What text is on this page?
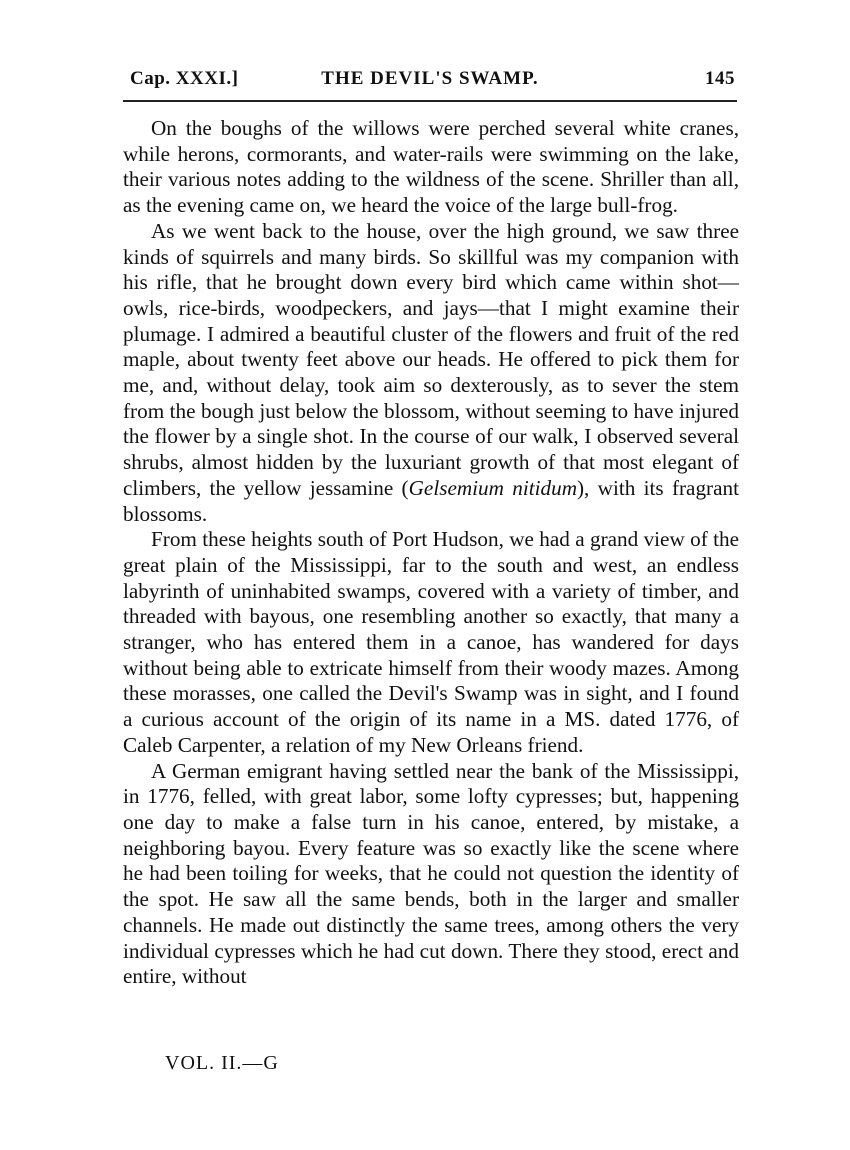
Cap. XXXI.]	THE DEVIL'S SWAMP.	145

On the boughs of the willows were perched several white cranes, while herons, cormorants, and water-rails were swimming on the lake, their various notes adding to the wildness of the scene. Shriller than all, as the evening came on, we heard the voice of the large bull-frog.

As we went back to the house, over the high ground, we saw three kinds of squirrels and many birds. So skillful was my companion with his rifle, that he brought down every bird which came within shot—owls, rice-birds, woodpeckers, and jays—that I might examine their plumage. I admired a beautiful cluster of the flowers and fruit of the red maple, about twenty feet above our heads. He offered to pick them for me, and, without delay, took aim so dexterously, as to sever the stem from the bough just below the blossom, without seeming to have injured the flower by a single shot. In the course of our walk, I observed several shrubs, almost hidden by the luxuriant growth of that most elegant of climbers, the yellow jessamine (Gelsemium nitidum), with its fragrant blossoms.

From these heights south of Port Hudson, we had a grand view of the great plain of the Mississippi, far to the south and west, an endless labyrinth of uninhabited swamps, covered with a variety of timber, and threaded with bayous, one resembling another so exactly, that many a stranger, who has entered them in a canoe, has wandered for days without being able to extricate himself from their woody mazes. Among these morasses, one called the Devil's Swamp was in sight, and I found a curious account of the origin of its name in a MS. dated 1776, of Caleb Carpenter, a relation of my New Orleans friend.

A German emigrant having settled near the bank of the Mississippi, in 1776, felled, with great labor, some lofty cypresses; but, happening one day to make a false turn in his canoe, entered, by mistake, a neighboring bayou. Every feature was so exactly like the scene where he had been toiling for weeks, that he could not question the identity of the spot. He saw all the same bends, both in the larger and smaller channels. He made out distinctly the same trees, among others the very individual cypresses which he had cut down. There they stood, erect and entire, without

VOL. II.—G
